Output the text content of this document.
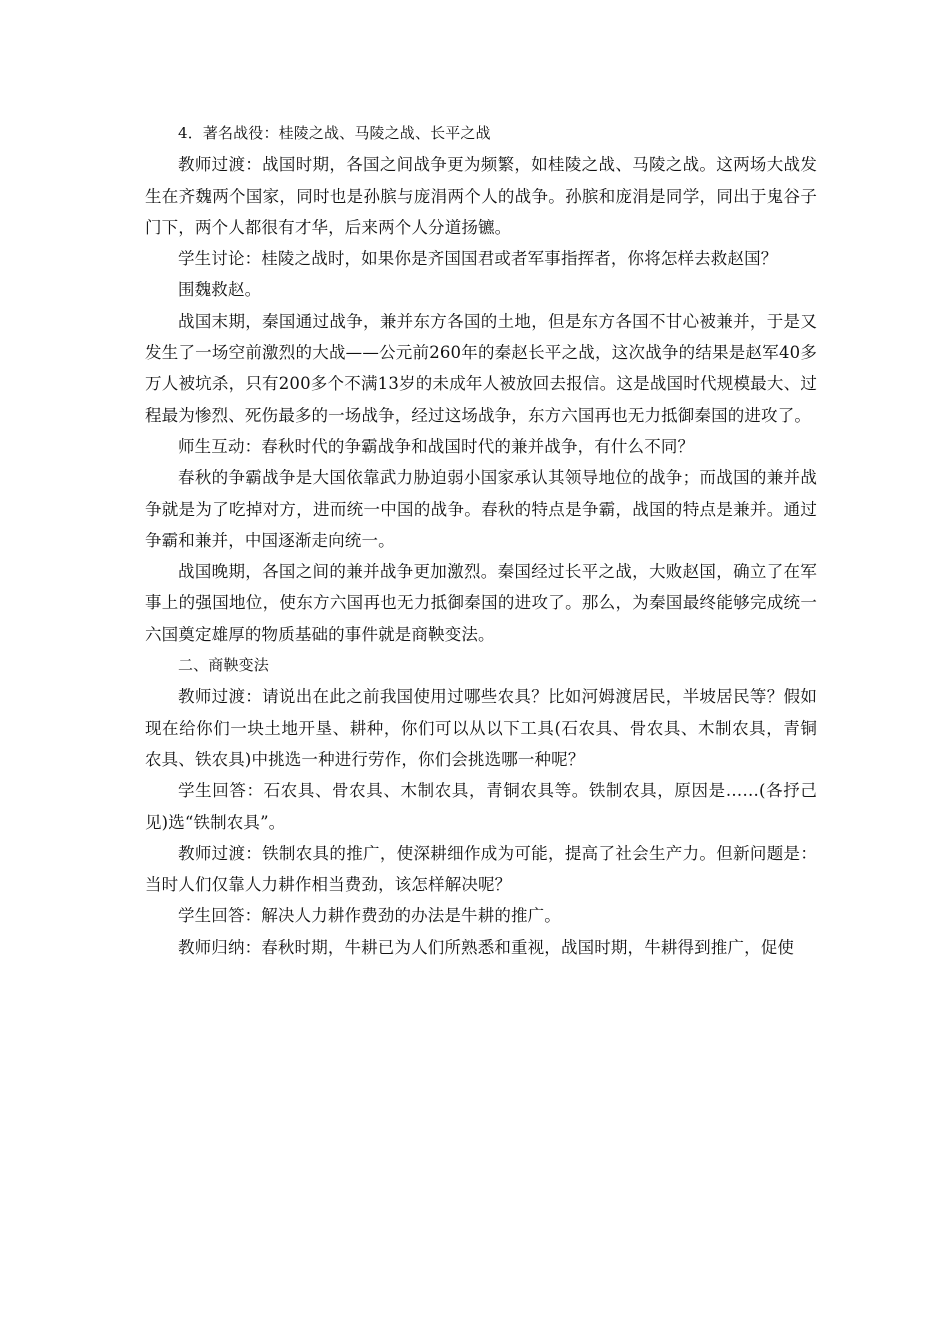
4．著名战役：桂陵之战、马陵之战、长平之战

教师过渡：战国时期，各国之间战争更为频繁，如桂陵之战、马陵之战。这两场大战发生在齐魏两个国家，同时也是孙膑与庞涓两个人的战争。孙膑和庞涓是同学，同出于鬼谷子门下，两个人都很有才华，后来两个人分道扬镳。

学生讨论：桂陵之战时，如果你是齐国国君或者军事指挥者，你将怎样去救赵国？

围魏救赵。

战国末期，秦国通过战争，兼并东方各国的土地，但是东方各国不甘心被兼并，于是又发生了一场空前激烈的大战——公元前260年的秦赵长平之战，这次战争的结果是赵军40多万人被坑杀，只有200多个不满13岁的未成年人被放回去报信。这是战国时代规模最大、过程最为惨烈、死伤最多的一场战争，经过这场战争，东方六国再也无力抵御秦国的进攻了。

师生互动：春秋时代的争霸战争和战国时代的兼并战争，有什么不同？

春秋的争霸战争是大国依靠武力胁迫弱小国家承认其领导地位的战争；而战国的兼并战争就是为了吃掉对方，进而统一中国的战争。春秋的特点是争霸，战国的特点是兼并。通过争霸和兼并，中国逐渐走向统一。

战国晚期，各国之间的兼并战争更加激烈。秦国经过长平之战，大败赵国，确立了在军事上的强国地位，使东方六国再也无力抵御秦国的进攻了。那么，为秦国最终能够完成统一六国奠定雄厚的物质基础的事件就是商鞅变法。

二、商鞅变法

教师过渡：请说出在此之前我国使用过哪些农具？比如河姆渡居民，半坡居民等？假如现在给你们一块土地开垦、耕种，你们可以从以下工具(石农具、骨农具、木制农具，青铜农具、铁农具)中挑选一种进行劳作，你们会挑选哪一种呢？

学生回答：石农具、骨农具、木制农具，青铜农具等。铁制农具，原因是……(各抒己见)选“铁制农具”。

教师过渡：铁制农具的推广，使深耕细作成为可能，提高了社会生产力。但新问题是：当时人们仅靠人力耕作相当费劲，该怎样解决呢？

学生回答：解决人力耕作费劲的办法是牛耕的推广。

教师归纳：春秋时期，牛耕已为人们所熟悉和重视，战国时期，牛耕得到推广，促使
